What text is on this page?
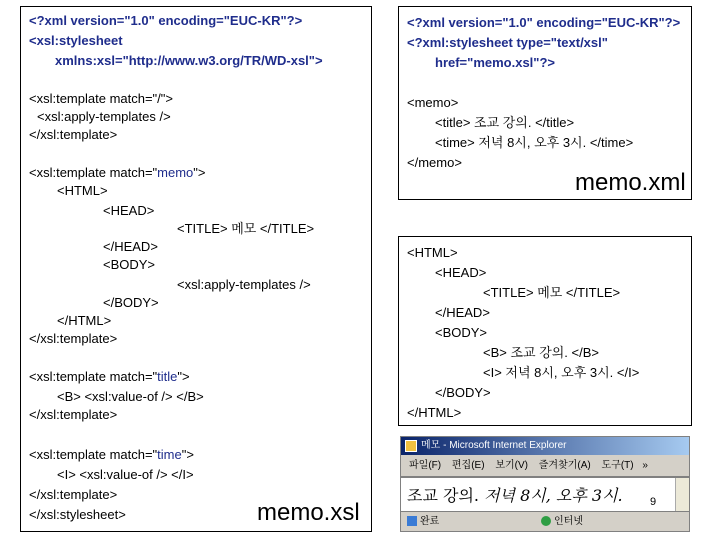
<?xml version="1.0" encoding="EUC-KR"?>
<xsl:stylesheet
xmlns:xsl="http://www.w3.org/TR/WD-xsl">
<xsl:template match="/">
<xsl:apply-templates />
</xsl:template>
<xsl:template match="memo">
<HTML>
<HEAD>
<TITLE> 메모 </TITLE>
</HEAD>
<BODY>
<xsl:apply-templates />
</BODY>
</HTML>
</xsl:template>
<xsl:template match="title">
<B> <xsl:value-of /> </B>
</xsl:template>
<xsl:template match="time">
<I> <xsl:value-of /> </I>
</xsl:template>
</xsl:stylesheet>	memo.xsl
<?xml version="1.0" encoding="EUC-KR"?>
<?xml:stylesheet type="text/xsl"
href="memo.xsl"?>
<memo>
<title> 조교 강의. </title>
<time> 저녁 8시, 오후 3시. </time>
</memo>
memo.xml
<HTML>
<HEAD>
<TITLE> 메모 </TITLE>
</HEAD>
<BODY>
<B> 조교 강의. </B>
<I> 저녁 8시, 오후 3시. </I>
</BODY>
</HTML>
메모 - Microsoft Internet Explorer
파일(F) 편집(E) 보기(V) 즐겨찾기(A) 도구(T) »
조교 강의. 저녁 8시, 오후 3시.
완료	인터넷
9
